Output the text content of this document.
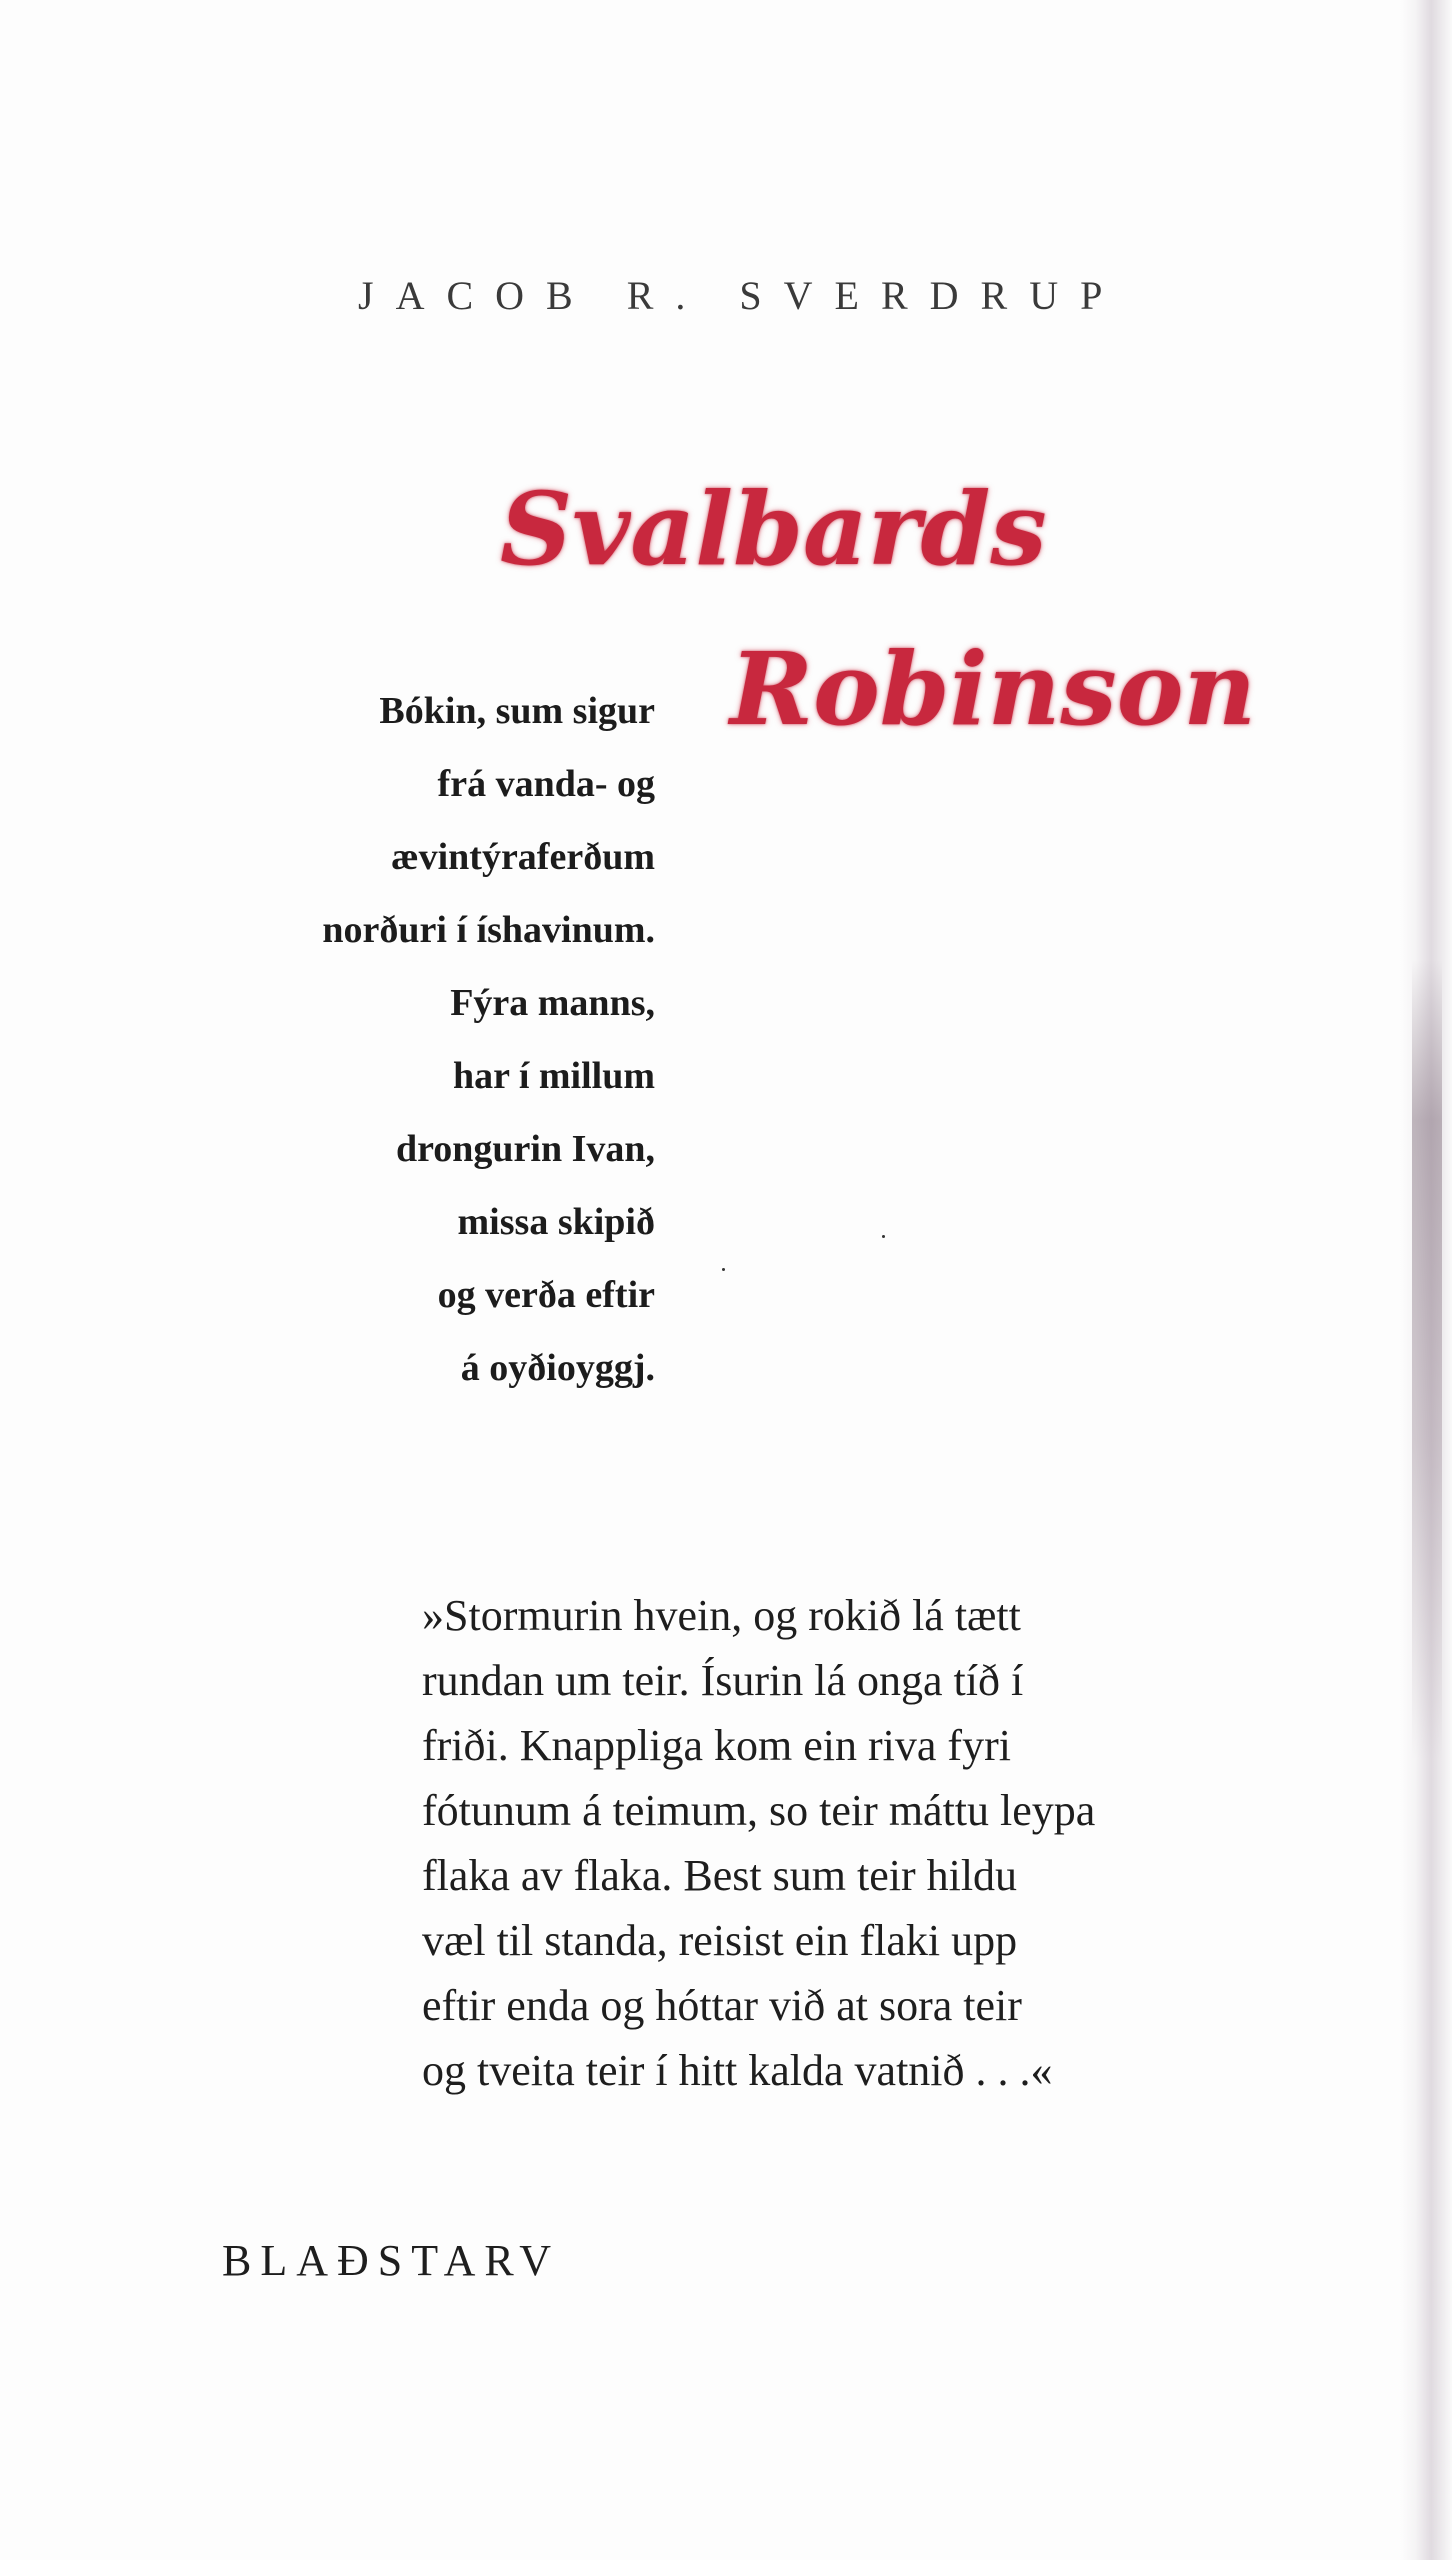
JACOB R. SVERDRUP
Svalbards
Robinson
Bókin, sum sigur
frá vanda- og
ævintýraferðum
norðuri í íshavinum.
Fýra manns,
har í millum
drongurin Ivan,
missa skipið
og verða eftir
á oyðioyggj.
»Stormurin hvein, og rokið lá tætt
rundan um teir. Ísurin lá onga tíð í
friði. Knappliga kom ein riva fyri
fótunum á teimum, so teir máttu leypa
flaka av flaka. Best sum teir hildu
væl til standa, reisist ein flaki upp
eftir enda og hóttar við at sora teir
og tveita teir í hitt kalda vatnið . . .«
BLAÐSTARV
